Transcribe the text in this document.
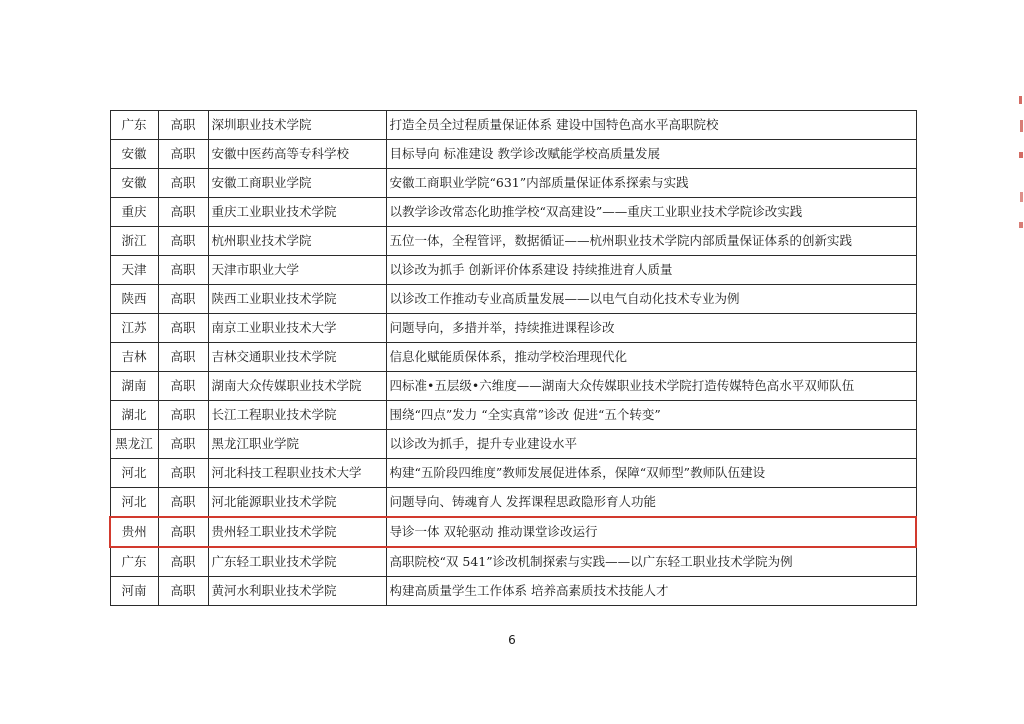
广东	高职	深圳职业技术学院	打造全员全过程质量保证体系 建设中国特色高水平高职院校
安徽	高职	安徽中医药高等专科学校	目标导向 标准建设 教学诊改赋能学校高质量发展
安徽	高职	安徽工商职业学院	安徽工商职业学院“631”内部质量保证体系探索与实践
重庆	高职	重庆工业职业技术学院	以教学诊改常态化助推学校“双高建设”——重庆工业职业技术学院诊改实践
浙江	高职	杭州职业技术学院	五位一体，全程管评，数据循证——杭州职业技术学院内部质量保证体系的创新实践
天津	高职	天津市职业大学	以诊改为抓手 创新评价体系建设 持续推进育人质量
陕西	高职	陕西工业职业技术学院	以诊改工作推动专业高质量发展——以电气自动化技术专业为例
江苏	高职	南京工业职业技术大学	问题导向，多措并举，持续推进课程诊改
吉林	高职	吉林交通职业技术学院	信息化赋能质保体系，推动学校治理现代化
湖南	高职	湖南大众传媒职业技术学院	四标准•五层级•六维度——湖南大众传媒职业技术学院打造传媒特色高水平双师队伍
湖北	高职	长江工程职业技术学院	围绕“四点”发力 “全实真常”诊改 促进“五个转变”
黑龙江	高职	黑龙江职业学院	以诊改为抓手，提升专业建设水平
河北	高职	河北科技工程职业技术大学	构建“五阶段四维度”教师发展促进体系，保障“双师型”教师队伍建设
河北	高职	河北能源职业技术学院	问题导向、铸魂育人 发挥课程思政隐形育人功能
贵州	高职	贵州轻工职业技术学院	导诊一体 双轮驱动 推动课堂诊改运行
广东	高职	广东轻工职业技术学院	高职院校“双 541”诊改机制探索与实践——以广东轻工职业技术学院为例
河南	高职	黄河水利职业技术学院	构建高质量学生工作体系 培养高素质技术技能人才
6
